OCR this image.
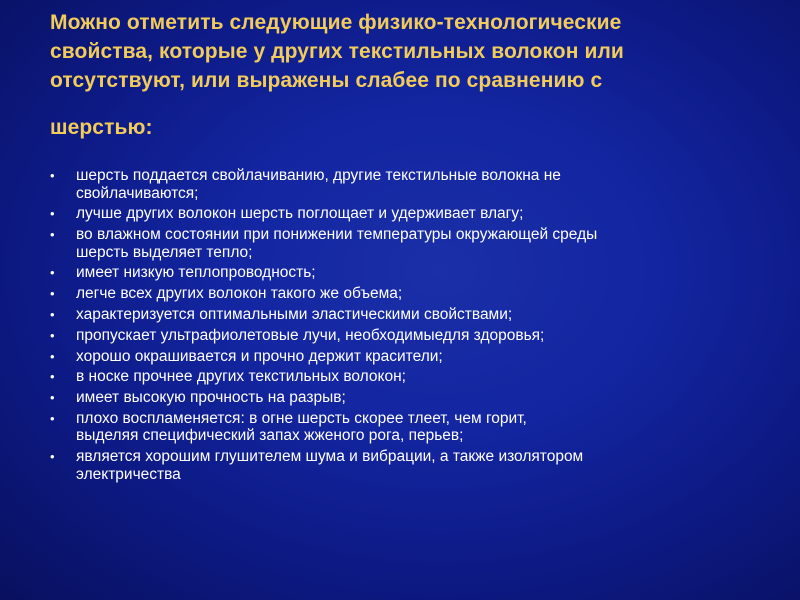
Можно отметить следующие физико-технологические
свойства, которые у других текстильных волокон или
отсутствуют, или выражены слабее по сравнению с
шерстью:
• шерсть поддается свойлачиванию, другие текстильные волокна не
свойлачиваются;
• лучше других волокон шерсть поглощает и удерживает влагу;
• во влажном состоянии при понижении температуры окружающей среды
шерсть выделяет тепло;
• имеет низкую теплопроводность;
• легче всех других волокон такого же объема;
• характеризуется оптимальными эластическими свойствами;
• пропускает ультрафиолетовые лучи, необходимыедля здоровья;
• хорошо окрашивается и прочно держит красители;
• в носке прочнее других текстильных волокон;
• имеет высокую прочность на разрыв;
• плохо воспламеняется: в огне шерсть скорее тлеет, чем горит,
выделяя специфический запах жженого рога, перьев;
• является хорошим глушителем шума и вибрации, а также изолятором
электричества
